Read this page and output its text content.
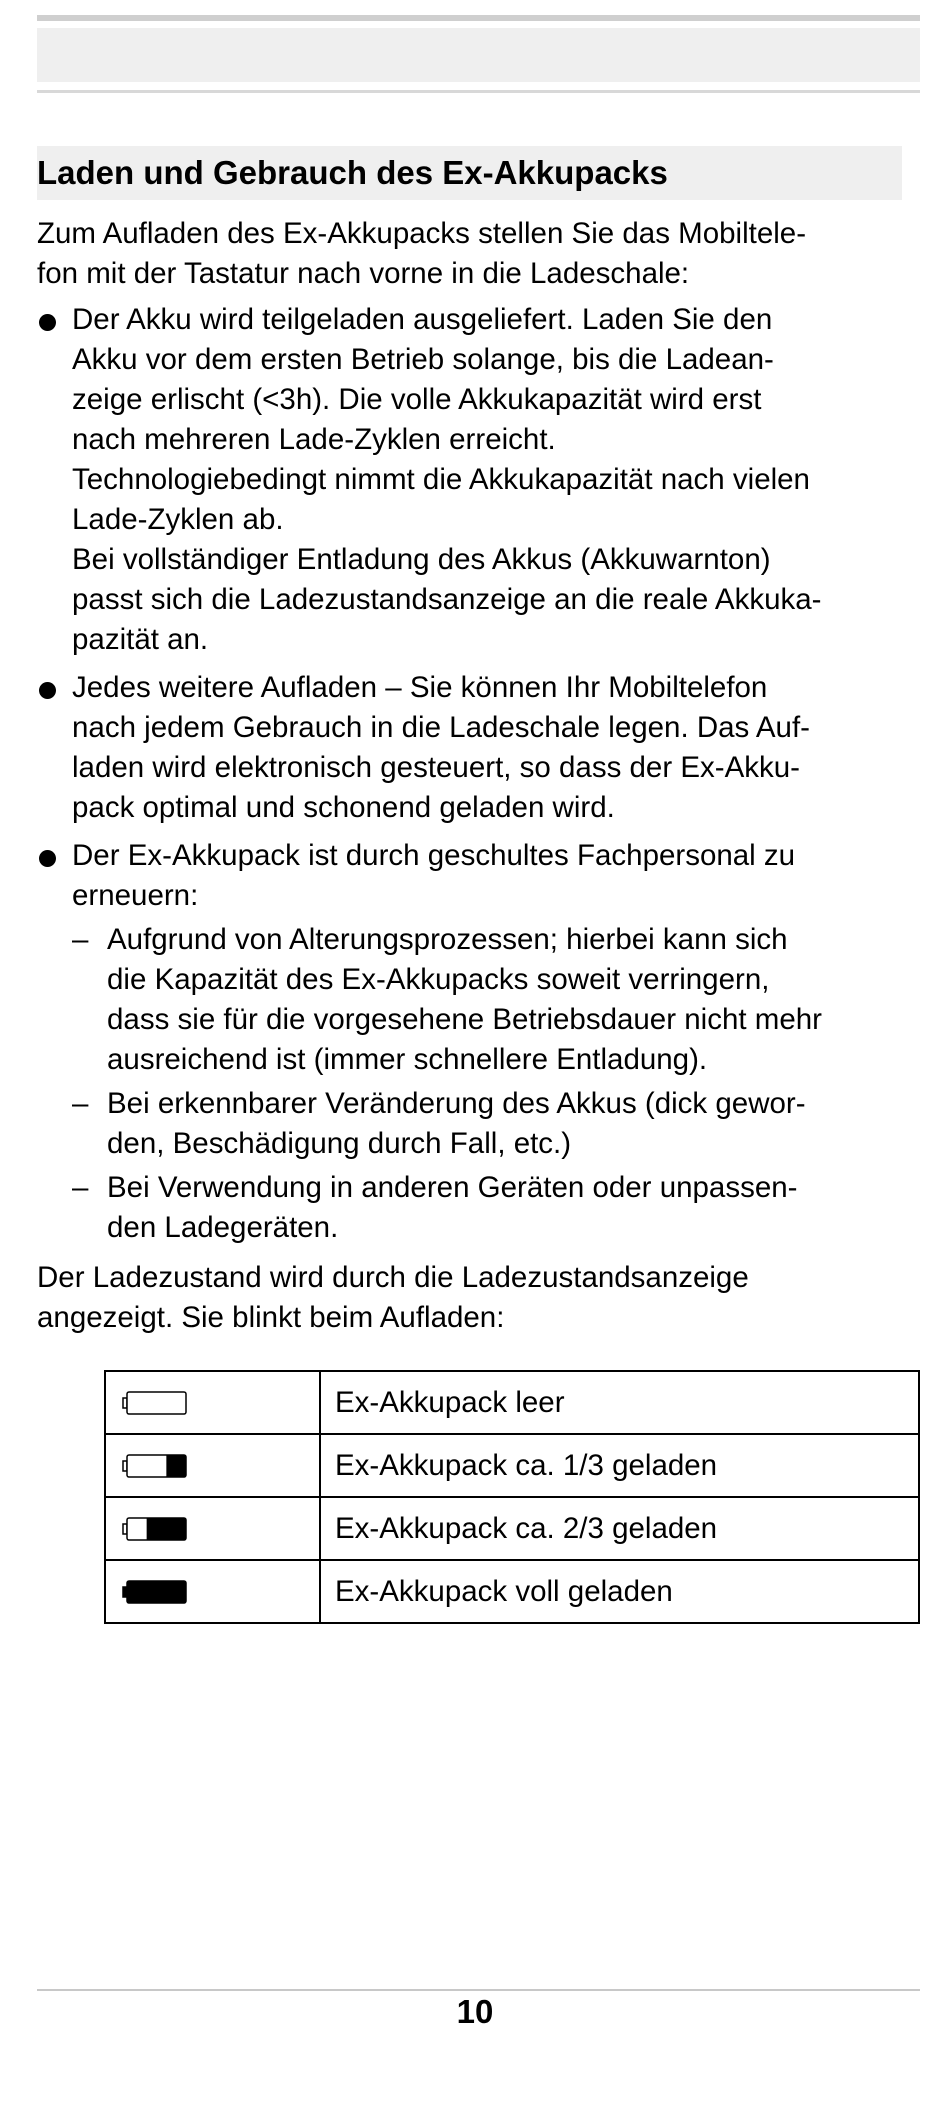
Laden und Gebrauch des Ex-Akkupacks

Zum Aufladen des Ex-Akkupacks stellen Sie das Mobiltele-
fon mit der Tastatur nach vorne in die Ladeschale:

Der Akku wird teilgeladen ausgeliefert. Laden Sie den
Akku vor dem ersten Betrieb solange, bis die Ladean-
zeige erlischt (<3h). Die volle Akkukapazität wird erst
nach mehreren Lade-Zyklen erreicht.
Technologiebedingt nimmt die Akkukapazität nach vielen
Lade-Zyklen ab.
Bei vollständiger Entladung des Akkus (Akkuwarnton)
passt sich die Ladezustandsanzeige an die reale Akkuka-
pazität an.

Jedes weitere Aufladen – Sie können Ihr Mobiltelefon
nach jedem Gebrauch in die Ladeschale legen. Das Auf-
laden wird elektronisch gesteuert, so dass der Ex-Akku-
pack optimal und schonend geladen wird.

Der Ex-Akkupack ist durch geschultes Fachpersonal zu
erneuern:

– Aufgrund von Alterungsprozessen; hierbei kann sich
die Kapazität des Ex-Akkupacks soweit verringern,
dass sie für die vorgesehene Betriebsdauer nicht mehr
ausreichend ist (immer schnellere Entladung).

– Bei erkennbarer Veränderung des Akkus (dick gewor-
den, Beschädigung durch Fall, etc.)

– Bei Verwendung in anderen Geräten oder unpassen-
den Ladegeräten.

Der Ladezustand wird durch die Ladezustandsanzeige
angezeigt. Sie blinkt beim Aufladen:

	Ex-Akkupack leer

	Ex-Akkupack ca. 1/3 geladen

	Ex-Akkupack ca. 2/3 geladen

	Ex-Akkupack voll geladen
10
